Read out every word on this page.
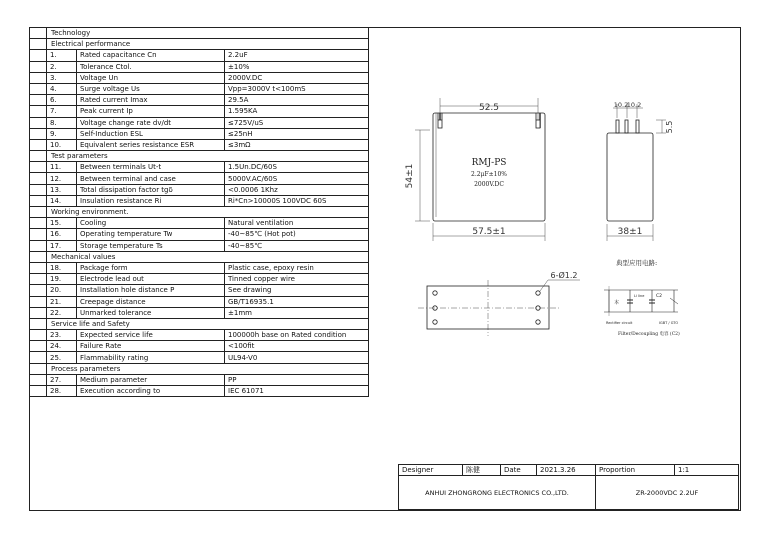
	Technology		
	Electrical performance		
	1.	Rated capacitance Cn	2.2uF
	2.	Tolerance Ctol.	±10%
	3.	Voltage Un	2000V.DC
	4.	Surge voltage Us	Vpp=3000V t<100mS
	6.	Rated current Imax	29.5A
	7.	Peak current Ip	1.595KA
	8.	Voltage change rate dv/dt	≤725V/uS
	9.	Self-Induction ESL	≤25nH
	10.	Equivalent series resistance ESR	≤3mΩ
	Test parameters		
	11.	Between terminals Ut-t	1.5Un.DC/60S
	12.	Between terminal and case	5000V.AC/60S
	13.	Total dissipation factor tgδ	<0.0006 1Khz
	14.	Insulation resistance Ri	Ri*Cn>10000S 100VDC 60S
	Working environment.		
	15.	Cooling	Natural ventilation
	16.	Operating temperature Tw	-40~85℃ (Hot pot)
	17.	Storage temperature Ts	-40~85℃
	Mechanical values		
	18.	Package form	Plastic case, epoxy resin
	19.	Electrode lead out	Tinned copper wire
	20.	Installation hole distance P	See drawing
	21.	Creepage distance	GB/T16935.1
	22.	Unmarked tolerance	±1mm
	Service life and Safety		
	23.	Expected service life	100000h base on Rated condition
	24.	Failure Rate	<100fit
	25.	Flammability rating	UL94-V0
	Process parameters		
	27.	Medium parameter	PP
	28.	Execution according to	IEC 61071
52.5
57.5±1
54±1
RMJ-PS
2.2μF±10%
2000V.DC
10.2
10.2
5.5
38±1
6-Ø1.2
典型应用电路:
本
C2
Li line
Rectifier circuit	IGBT / GTO
Filter/Decoupling 电容 (C2)
Designer	陈健	Date	2021.3.26	Proportion	1:1
ANHUI ZHONGRONG ELECTRONICS CO.,LTD.				ZR-2000VDC 2.2UF	
